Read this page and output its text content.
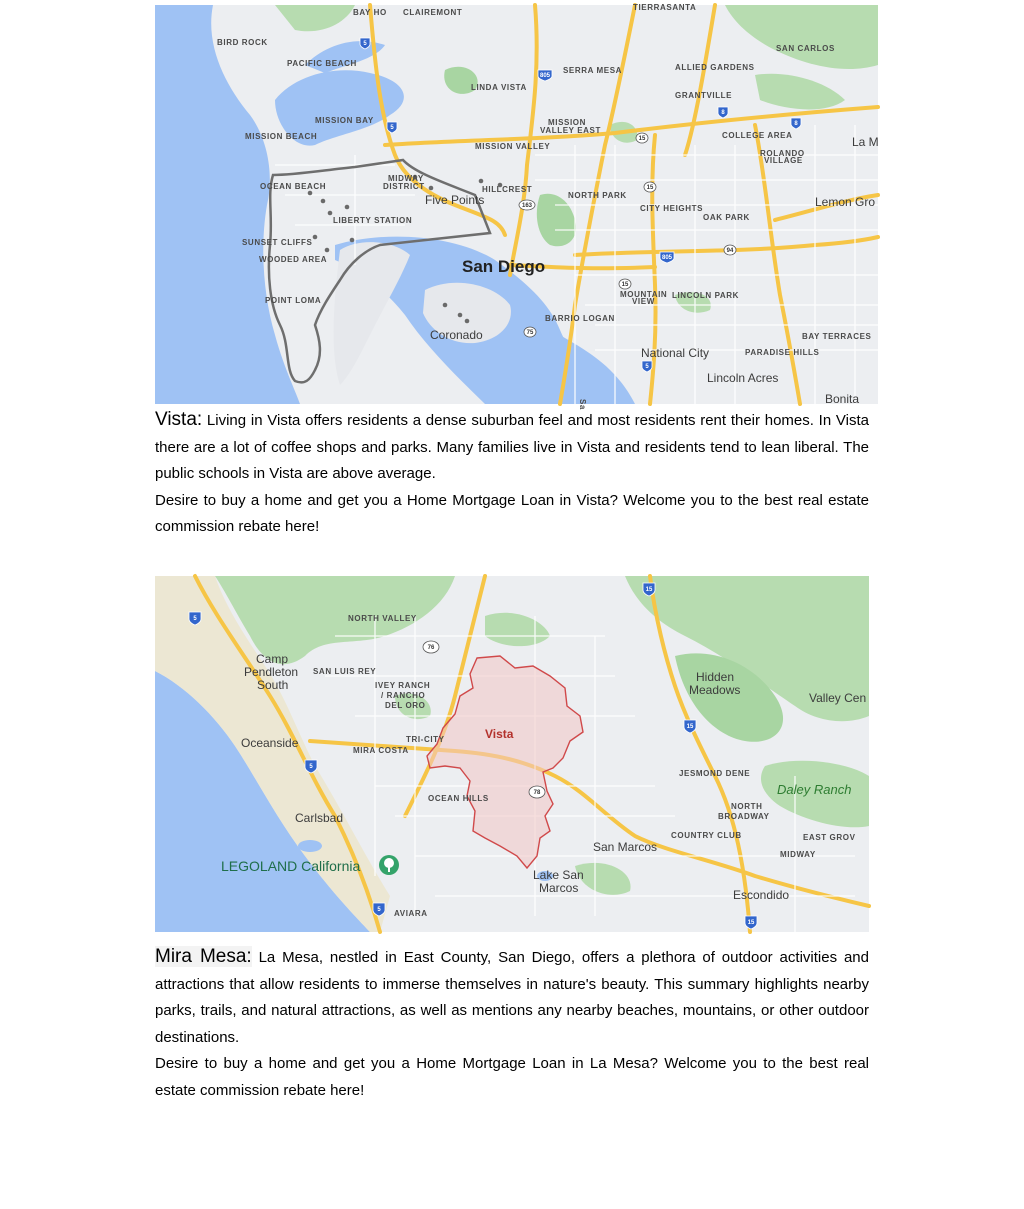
BAY HO CLAIREMONT
TIERRASANTA
BIRD ROCK
PACIFIC BEACH
SAN CARLOS
SERRA MESA	ALLIED GARDENS
LINDA VISTA
GRANTVILLE
MISSION BAY	MISSION
VALLEY EAST
MISSION BEACH	COLLEGE AREA	La M
MISSION VALLEY
ROLANDO
VILLAGE
MIDWAY
DISTRICT
OCEAN BEACH	HILLCREST
NORTH PARK
Five Points	Lemon Gro
LIBERTY STATION
CITY HEIGHTS
OAK PARK
SUNSET CLIFFS
San Diego
WOODED AREA
MOUNTAIN
VIEW
LINCOLN PARK
POINT LOMA
BARRIO LOGAN
Coronado	BAY TERRACES
National City	PARADISE HILLS
Lincoln Acres
Bonita
Sa
5
805
8
8
15
15
163
15
805
94
75
5
5

Vista: Living in Vista offers residents a dense suburban feel and most residents rent their homes. In Vista there are a lot of coffee shops and parks. Many families live in Vista and residents tend to lean liberal. The public schools in Vista are above average.

Desire to buy a home and get you a Home Mortgage Loan in Vista? Welcome you to the best real estate commission rebate here!

NORTH VALLEY
Camp
Pendleton
South
SAN LUIS REY
IVEY RANCH
/ RANCHO
DEL ORO
Hidden
Meadows
Valley Cen
Oceanside	TRI-CITY	Vista
MIRA COSTA
JESMOND DENE
OCEAN HILLS
Daley Ranch
NORTH
BROADWAY
Carlsbad
COUNTRY CLUB	EAST GROV
San Marcos
MIDWAY
LEGOLAND California
Lake San
Marcos	Escondido
AVIARA
5
15
76
15
5
78
5
15

Mira Mesa: La Mesa, nestled in East County, San Diego, offers a plethora of outdoor activities and attractions that allow residents to immerse themselves in nature's beauty. This summary highlights nearby parks, trails, and natural attractions, as well as mentions any nearby beaches, mountains, or other outdoor destinations.

Desire to buy a home and get you a Home Mortgage Loan in La Mesa? Welcome you to the best real estate commission rebate here!
